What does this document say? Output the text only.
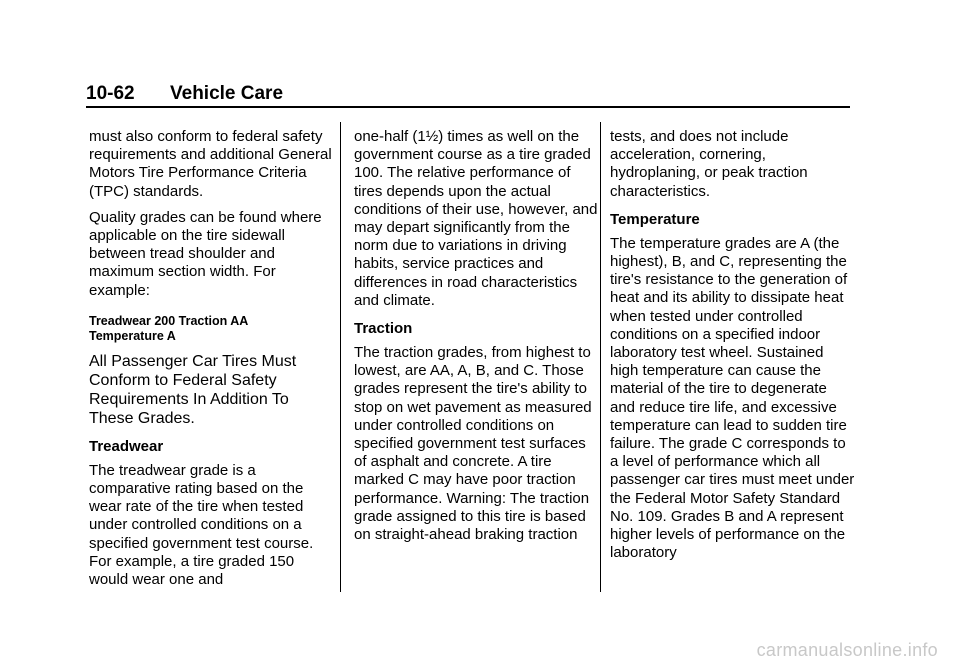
10-62 Vehicle Care

must also conform to federal safety requirements and additional General Motors Tire Performance Criteria (TPC) standards.

Quality grades can be found where applicable on the tire sidewall between tread shoulder and maximum section width. For example:

Treadwear 200 Traction AA
Temperature A

All Passenger Car Tires Must Conform to Federal Safety Requirements In Addition To These Grades.

Treadwear

The treadwear grade is a comparative rating based on the wear rate of the tire when tested under controlled conditions on a specified government test course. For example, a tire graded 150 would wear one and

one-half (1½) times as well on the government course as a tire graded 100. The relative performance of tires depends upon the actual conditions of their use, however, and may depart significantly from the norm due to variations in driving habits, service practices and differences in road characteristics and climate.

Traction

The traction grades, from highest to lowest, are AA, A, B, and C. Those grades represent the tire's ability to stop on wet pavement as measured under controlled conditions on specified government test surfaces of asphalt and concrete. A tire marked C may have poor traction performance. Warning: The traction grade assigned to this tire is based on straight-ahead braking traction

tests, and does not include acceleration, cornering, hydroplaning, or peak traction characteristics.

Temperature

The temperature grades are A (the highest), B, and C, representing the tire's resistance to the generation of heat and its ability to dissipate heat when tested under controlled conditions on a specified indoor laboratory test wheel. Sustained high temperature can cause the material of the tire to degenerate and reduce tire life, and excessive temperature can lead to sudden tire failure. The grade C corresponds to a level of performance which all passenger car tires must meet under the Federal Motor Safety Standard No. 109. Grades B and A represent higher levels of performance on the laboratory

carmanualsonline.info
